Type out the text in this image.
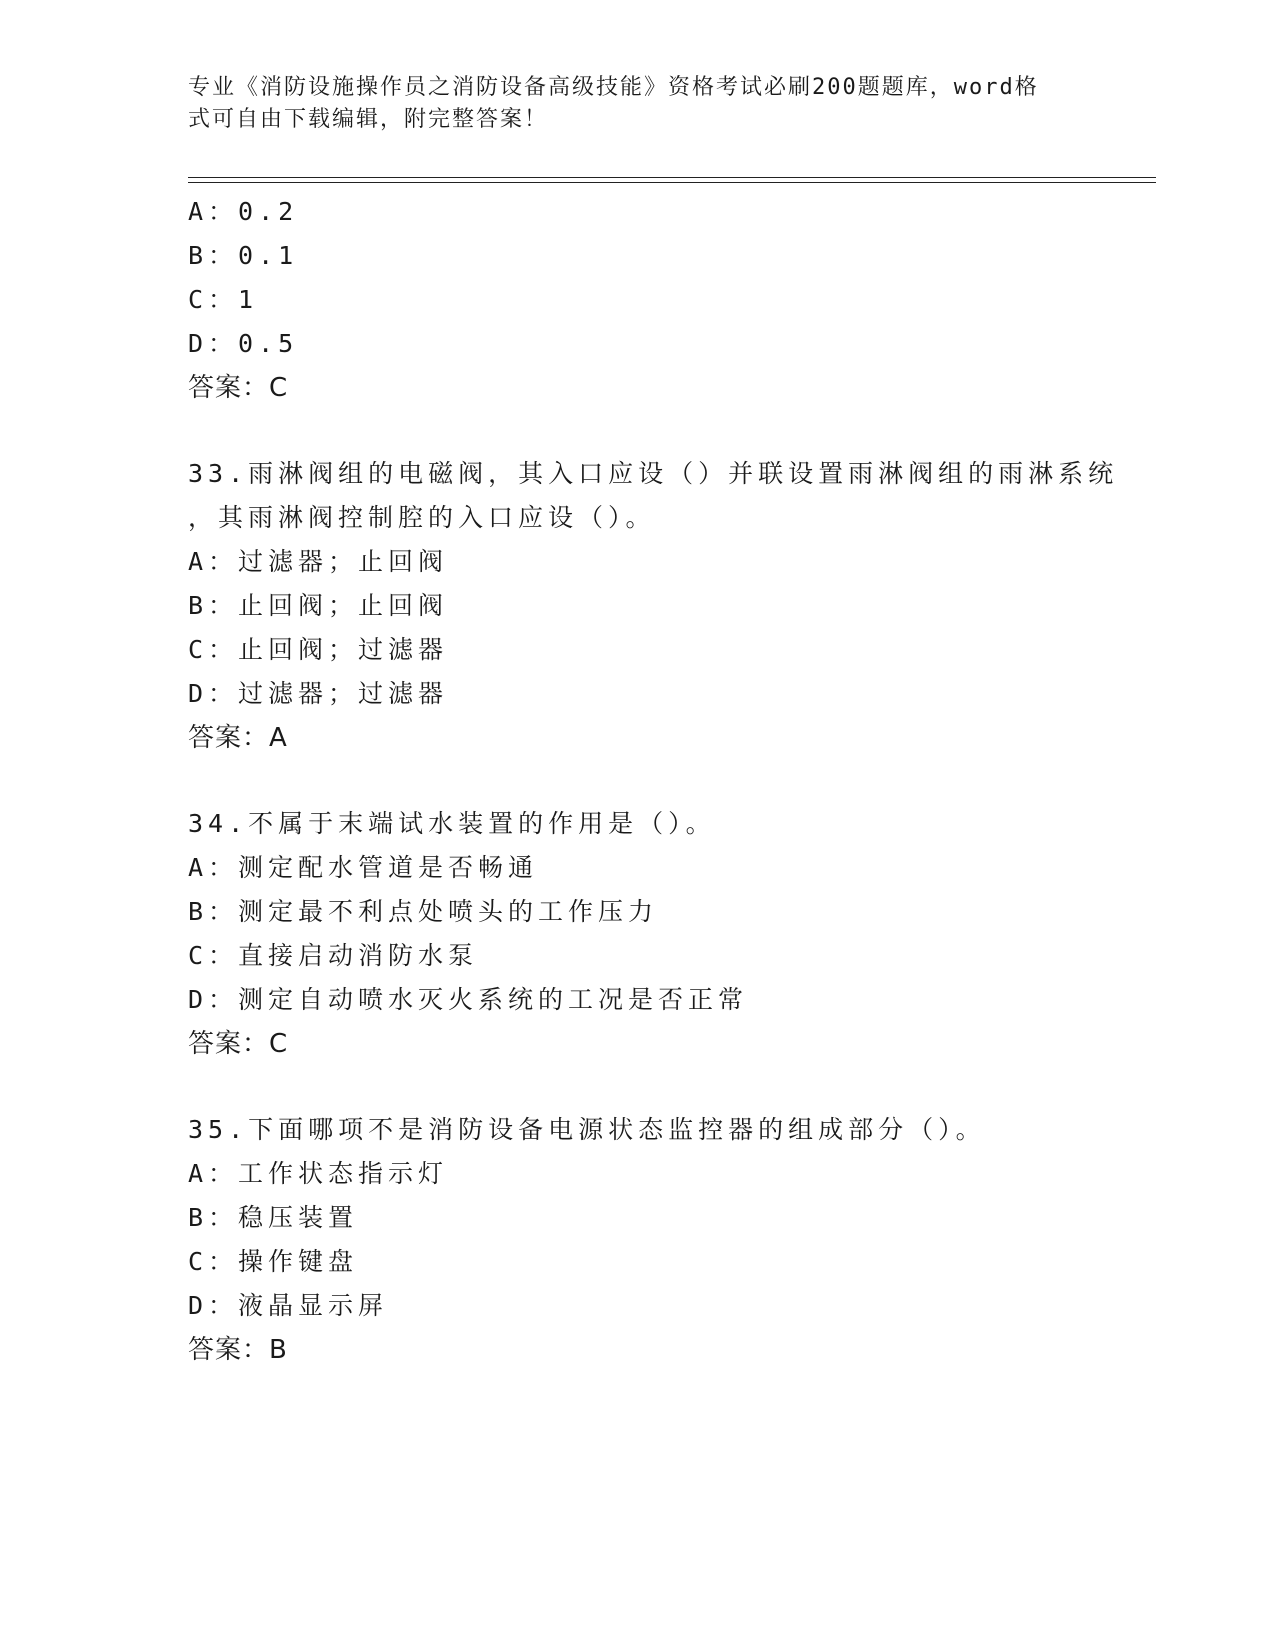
专业《消防设施操作员之消防设备高级技能》资格考试必刷200题题库，word格
式可自由下载编辑，附完整答案！
A：0.2
B：0.1
C：1
D：0.5
答案：C
33.雨淋阀组的电磁阀，其入口应设（）并联设置雨淋阀组的雨淋系统
，其雨淋阀控制腔的入口应设（）。
A：过滤器；止回阀
B：止回阀；止回阀
C：止回阀；过滤器
D：过滤器；过滤器
答案：A
34.不属于末端试水装置的作用是（）。
A：测定配水管道是否畅通
B：测定最不利点处喷头的工作压力
C：直接启动消防水泵
D：测定自动喷水灭火系统的工况是否正常
答案：C
35.下面哪项不是消防设备电源状态监控器的组成部分（）。
A：工作状态指示灯
B：稳压装置
C：操作键盘
D：液晶显示屏
答案：B
